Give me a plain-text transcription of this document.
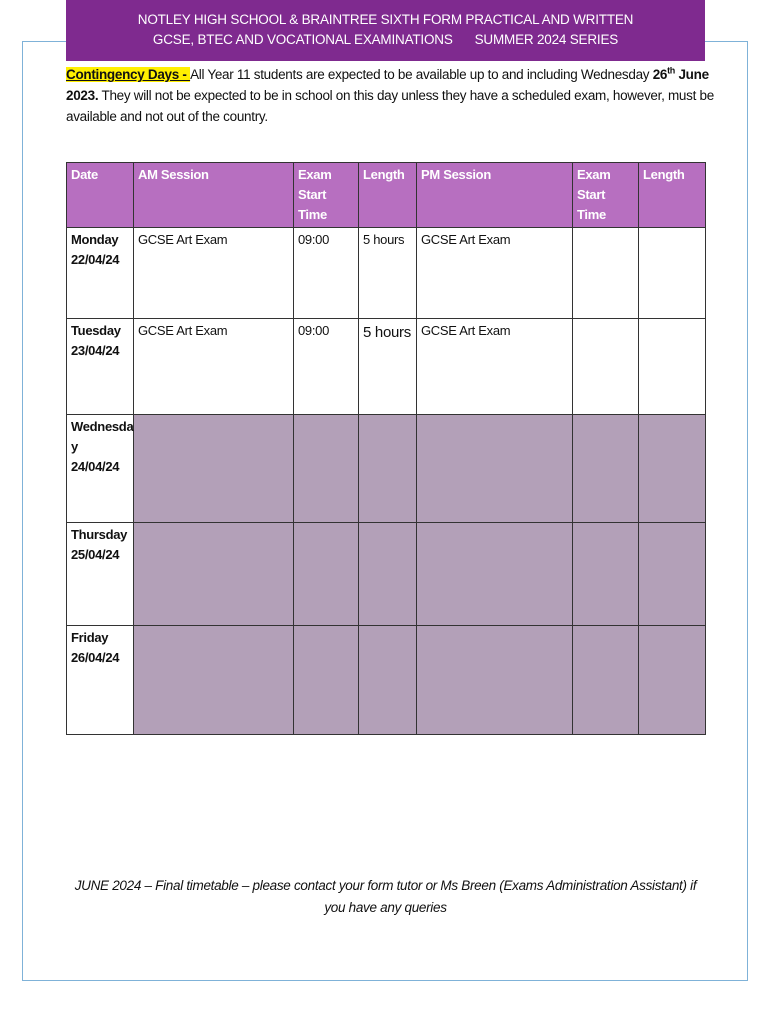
NOTLEY HIGH SCHOOL & BRAINTREE SIXTH FORM PRACTICAL AND WRITTEN
GCSE, BTEC AND VOCATIONAL EXAMINATIONS SUMMER 2024 SERIES
Contingency Days - All Year 11 students are expected to be available up to and including Wednesday 26th June 2023. They will not be expected to be in school on this day unless they have a scheduled exam, however, must be available and not out of the country.
Date	AM Session	Exam Start Time	Length	PM Session	Exam Start Time	Length

Monday
22/04/24	GCSE Art Exam	09:00	5 hours	GCSE Art Exam		

Tuesday
23/04/24	GCSE Art Exam	09:00	5 hours	GCSE Art Exam		

Wednesda y
24/04/24						

Thursday
25/04/24						

Friday
26/04/24						

JUNE 2024 – Final timetable – please contact your form tutor or Ms Breen (Exams Administration Assistant) if you have any queries
